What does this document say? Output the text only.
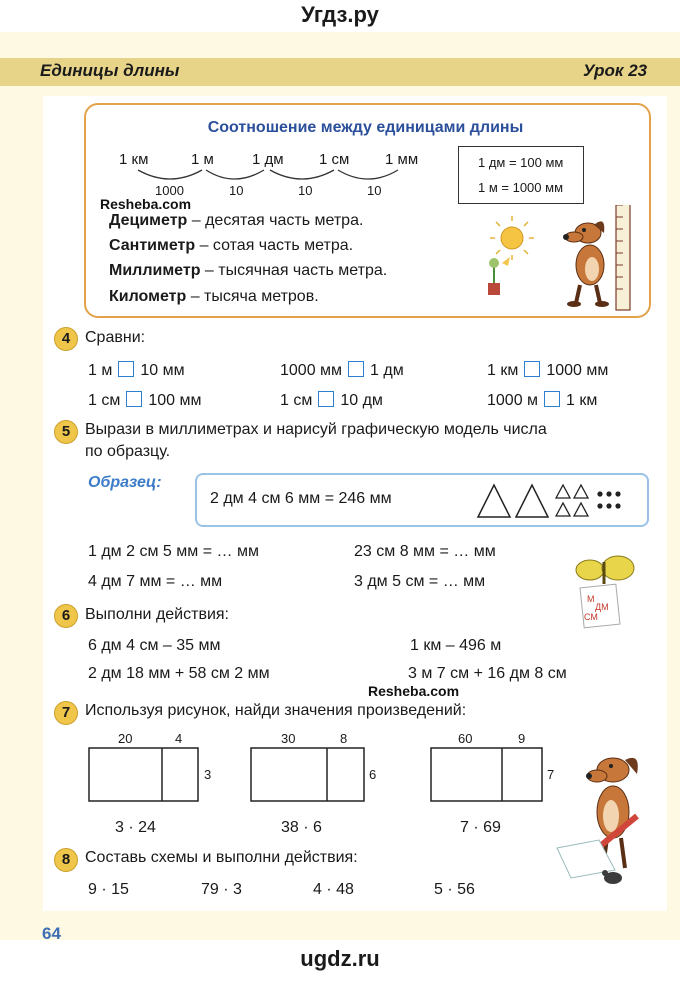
Угдз.ру
Единицы длины	Урок 23
Соотношение между единицами длины
1 км	1 м	1 дм 1 см 1 мм
1000	10	10	10
1 дм = 100 мм
1 м = 1000 мм
Resheba.com
Дециметр – десятая часть метра.
Сантиметр – сотая часть метра.
Миллиметр – тысячная часть метра.
Километр – тысяча метров.
4 Сравни:
1 м 10 мм	1000 мм 1 дм	1 км 1000 мм
1 см 100 мм	1 см 10 дм	1000 м 1 км
5 Вырази в миллиметрах и нарисуй графическую модель числа
по образцу.
Образец:
2 дм 4 см 6 мм = 246 мм
1 дм 2 см 5 мм = … мм	23 см 8 мм = … мм
4 дм 7 мм = … мм	3 дм 5 см = … мм
М
ДМ
СМ
6 Выполни действия:
6 дм 4 см – 35 мм	1 км – 496 м
2 дм 18 мм + 58 см 2 мм	3 м 7 см + 16 дм 8 см
Resheba.com
7 Используя рисунок, найди значения произведений:
20	4
3
3 · 24
30	8
6
38 · 6
60	9
7
7 · 69
8 Составь схемы и выполни действия:
9 · 15	79 · 3	4 · 48	5 · 56
64
ugdz.ru
